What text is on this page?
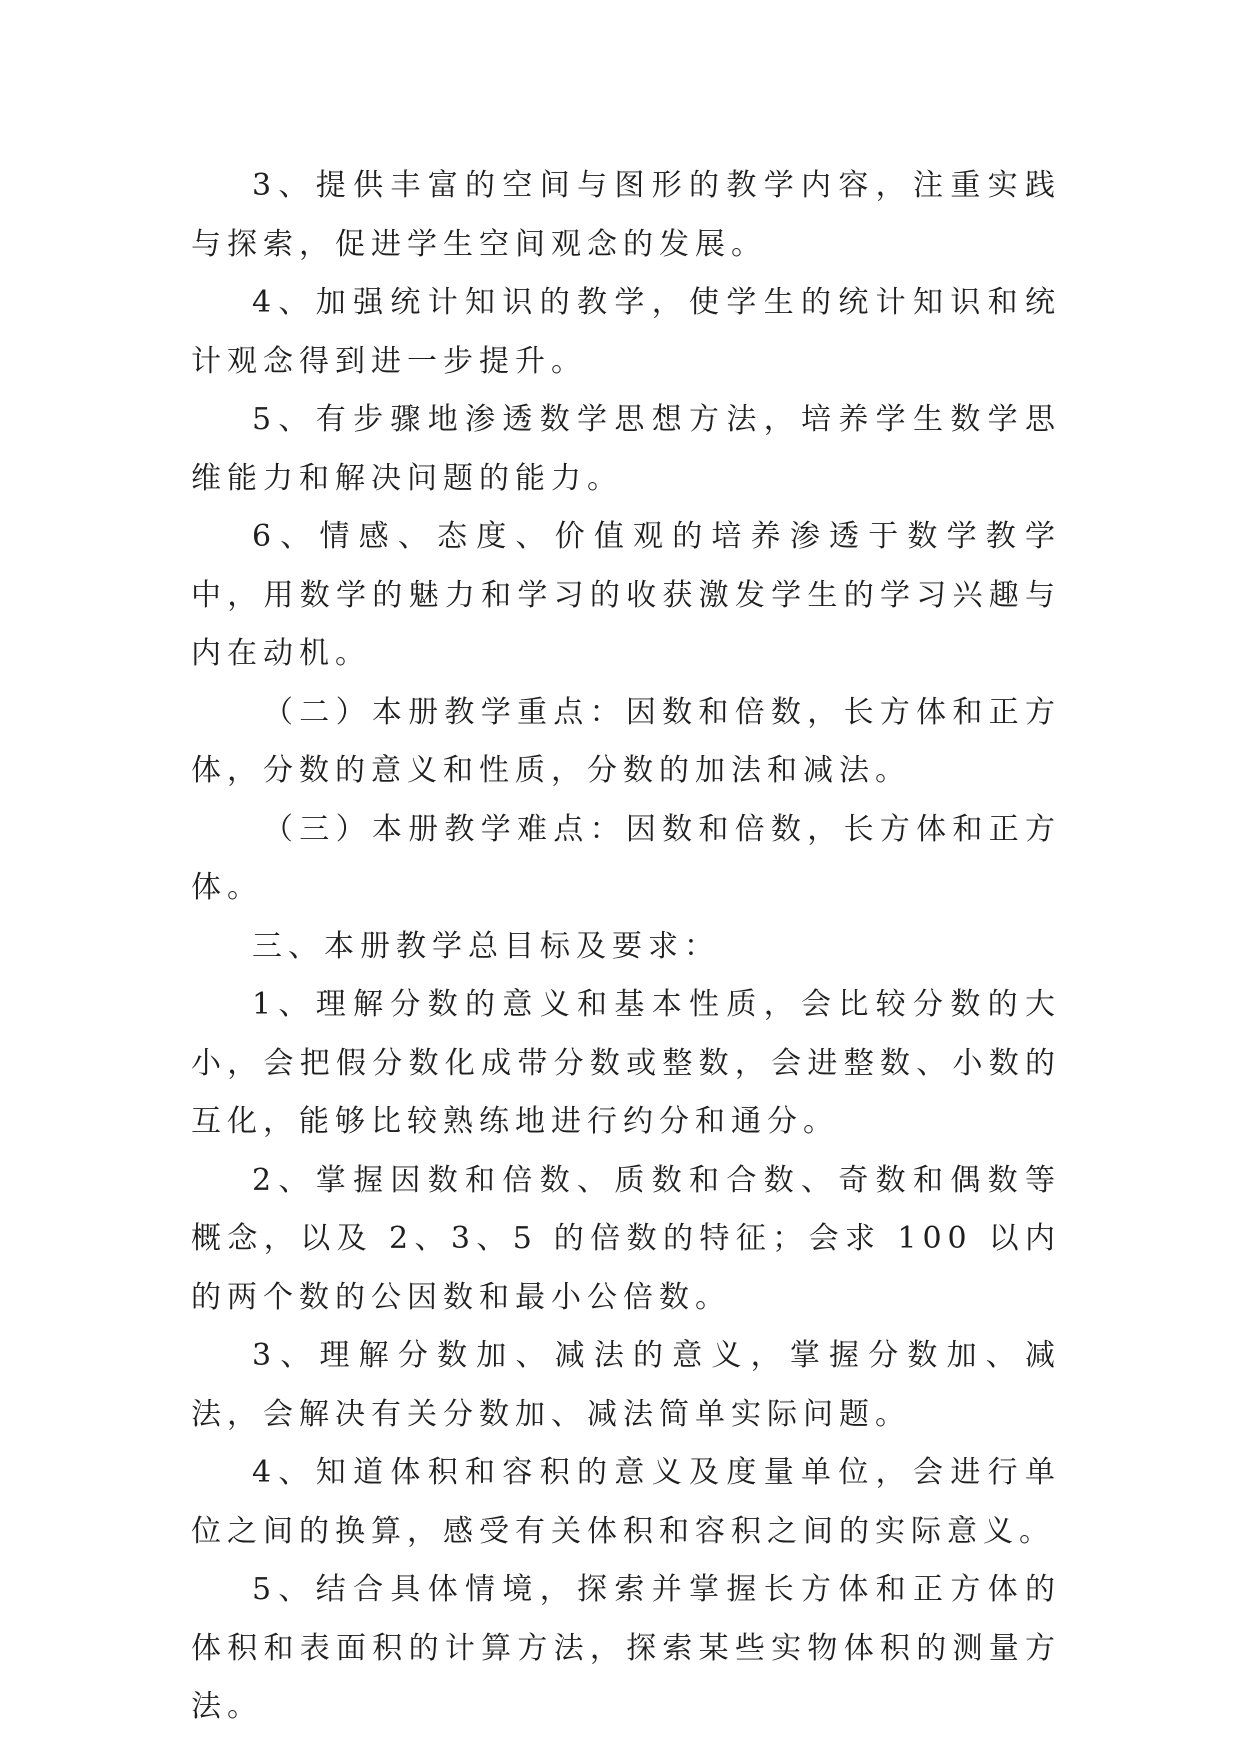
3、提供丰富的空间与图形的教学内容，注重实践与探索，促进学生空间观念的发展。

4、加强统计知识的教学，使学生的统计知识和统计观念得到进一步提升。

5、有步骤地渗透数学思想方法，培养学生数学思维能力和解决问题的能力。

6、情感、态度、价值观的培养渗透于数学教学中，用数学的魅力和学习的收获激发学生的学习兴趣与内在动机。

（二）本册教学重点：因数和倍数，长方体和正方体，分数的意义和性质，分数的加法和减法。

（三）本册教学难点：因数和倍数，长方体和正方体。

三、本册教学总目标及要求：

1、理解分数的意义和基本性质，会比较分数的大小，会把假分数化成带分数或整数，会进整数、小数的互化，能够比较熟练地进行约分和通分。

2、掌握因数和倍数、质数和合数、奇数和偶数等概念，以及 2、3、5 的倍数的特征；会求 100 以内的两个数的公因数和最小公倍数。

3、理解分数加、减法的意义，掌握分数加、减法，会解决有关分数加、减法简单实际问题。

4、知道体积和容积的意义及度量单位，会进行单位之间的换算，感受有关体积和容积之间的实际意义。

5、结合具体情境，探索并掌握长方体和正方体的体积和表面积的计算方法，探索某些实物体积的测量方法。
